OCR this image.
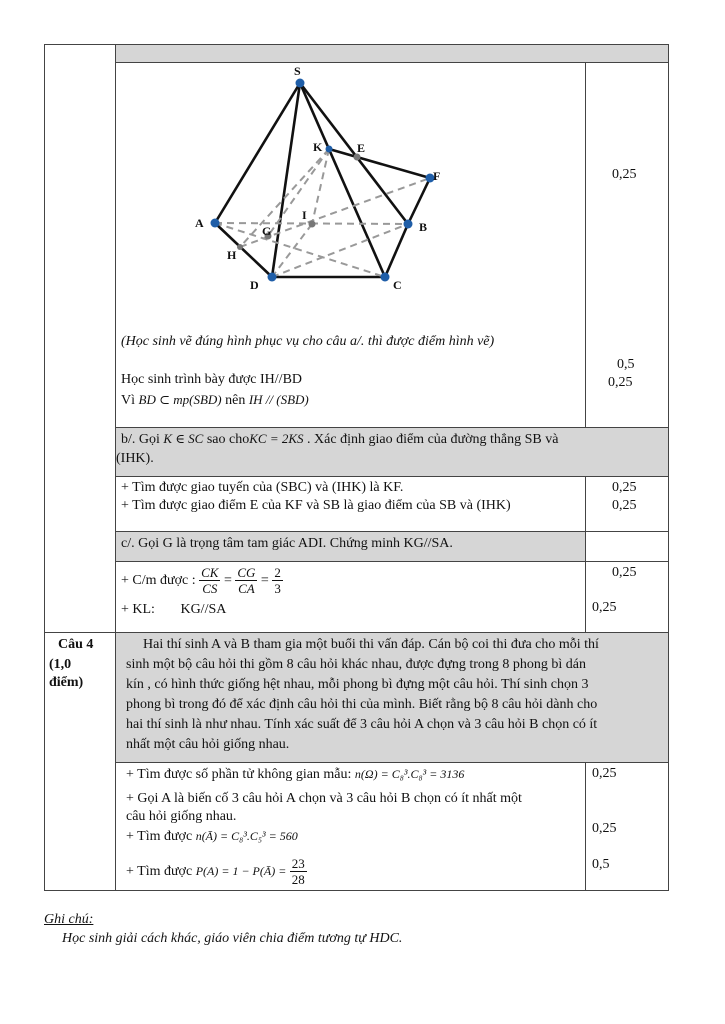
S
A	B
C
D
E
F
K
I
G
H
0,25
(Học sinh vẽ đúng hình phục vụ cho câu a/. thì được điểm hình vẽ)
Học sinh trình bày được IH//BD
Vì BD ⊂ mp(SBD) nên IH // (SBD)
0,5
0,25
b/. Gọi K ∈ SC sao choKC = 2KS . Xác định giao điểm của đường thẳng SB và
(IHK).
+ Tìm được giao tuyến của (SBC) và (IHK) là KF.
+ Tìm được giao điểm E của KF và SB là giao điểm của SB và (IHK)
0,25
0,25
c/. Gọi G là trọng tâm tam giác ADI. Chứng minh KG//SA.
+ C/m được : $\frac{CK}{CS} = \frac{CG}{CA} = \frac{2}{3}$
+ KL: KG//SA
0,25
0,25
Câu 4
(1,0
điểm)
Hai thí sinh A và B tham gia một buổi thi vấn đáp. Cán bộ coi thi đưa cho mỗi thí
sinh một bộ câu hỏi thi gồm 8 câu hỏi khác nhau, được đựng trong 8 phong bì dán
kín , có hình thức giống hệt nhau, mỗi phong bì đựng một câu hỏi. Thí sinh chọn 3
phong bì trong đó để xác định câu hỏi thi của mình. Biết rằng bộ 8 câu hỏi dành cho
hai thí sinh là như nhau. Tính xác suất để 3 câu hỏi A chọn và 3 câu hỏi B chọn có ít
nhất một câu hỏi giống nhau.
+ Tìm được số phần tử không gian mẫu: n(Ω) = C₈³.C₈³ = 3136
+ Gọi A là biến cố 3 câu hỏi A chọn và 3 câu hỏi B chọn có ít nhất một
câu hỏi giống nhau.
+ Tìm được n(Ā) = C₈³.C₅³ = 560
+ Tìm được P(A) = 1 − P(Ā) = $\frac{23}{28}$
0,25
0,25
0,5
Ghi chú:
Học sinh giải cách khác, giáo viên chia điểm tương tự HDC.
